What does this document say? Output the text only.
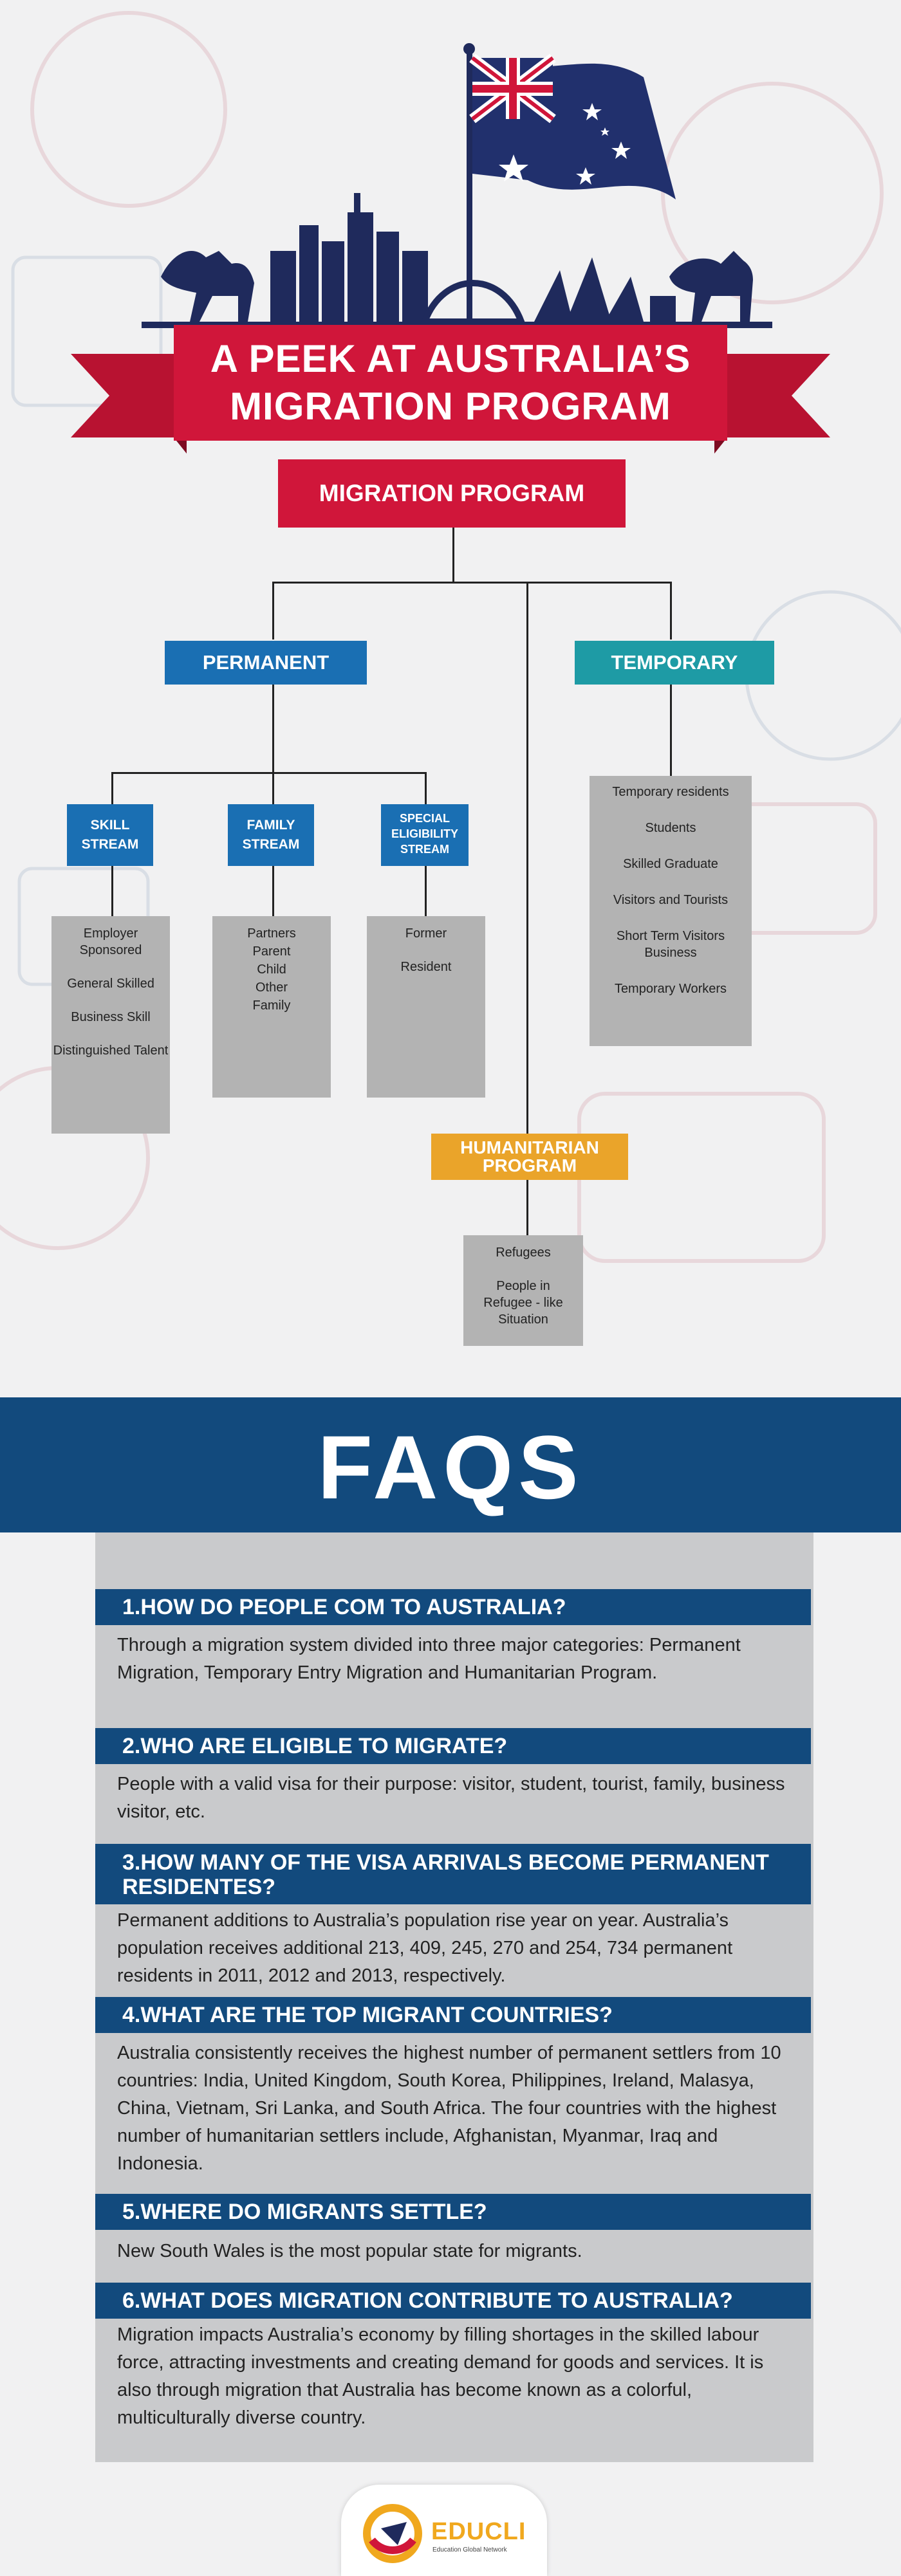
A PEEK AT AUSTRALIA’S
MIGRATION PROGRAM
MIGRATION PROGRAM
PERMANENT	TEMPORARY
SKILL STREAM
FAMILY STREAM
SPECIAL ELIGIBILITY STREAM
HUMANITARIAN PROGRAM
Employer Sponsored
General Skilled
Business Skill
Distinguished Talent
Partners
Parent
Child
Other
Family
Former
Resident
Temporary residents
Students
Skilled Graduate
Visitors and Tourists
Short Term Visitors Business
Temporary Workers
Refugees
People in Refugee - like Situation
FAQS
1.HOW DO PEOPLE COM TO AUSTRALIA?
Through a migration system divided into three major categories: Permanent Migration, Temporary Entry Migration and Humanitarian Program.
2.WHO ARE ELIGIBLE TO MIGRATE?
People with a valid visa for their purpose: visitor, student, tourist, family, business visitor, etc.
3.HOW MANY OF THE VISA ARRIVALS BECOME PERMANENT RESIDENTES?
Permanent additions to Australia’s population rise year on year. Australia’s population receives additional 213, 409, 245, 270 and 254, 734 permanent residents in 2011, 2012 and 2013, respectively.
4.WHAT ARE THE TOP MIGRANT COUNTRIES?
Australia consistently receives the highest number of permanent settlers from 10 countries: India, United Kingdom, South Korea, Philippines, Ireland, Malasya, China, Vietnam, Sri Lanka, and South Africa. The four countries with the highest number of humanitarian settlers include, Afghanistan, Myanmar, Iraq and Indonesia.
5.WHERE DO MIGRANTS SETTLE?
New South Wales is the most popular state for migrants.
6.WHAT DOES MIGRATION CONTRIBUTE TO AUSTRALIA?
Migration impacts Australia’s economy by filling shortages in the skilled labour force, attracting investments and creating demand for goods and services. It is also through migration that Australia has become known as a colorful, multiculturally diverse country.
EDUCLI
Education Global Network
